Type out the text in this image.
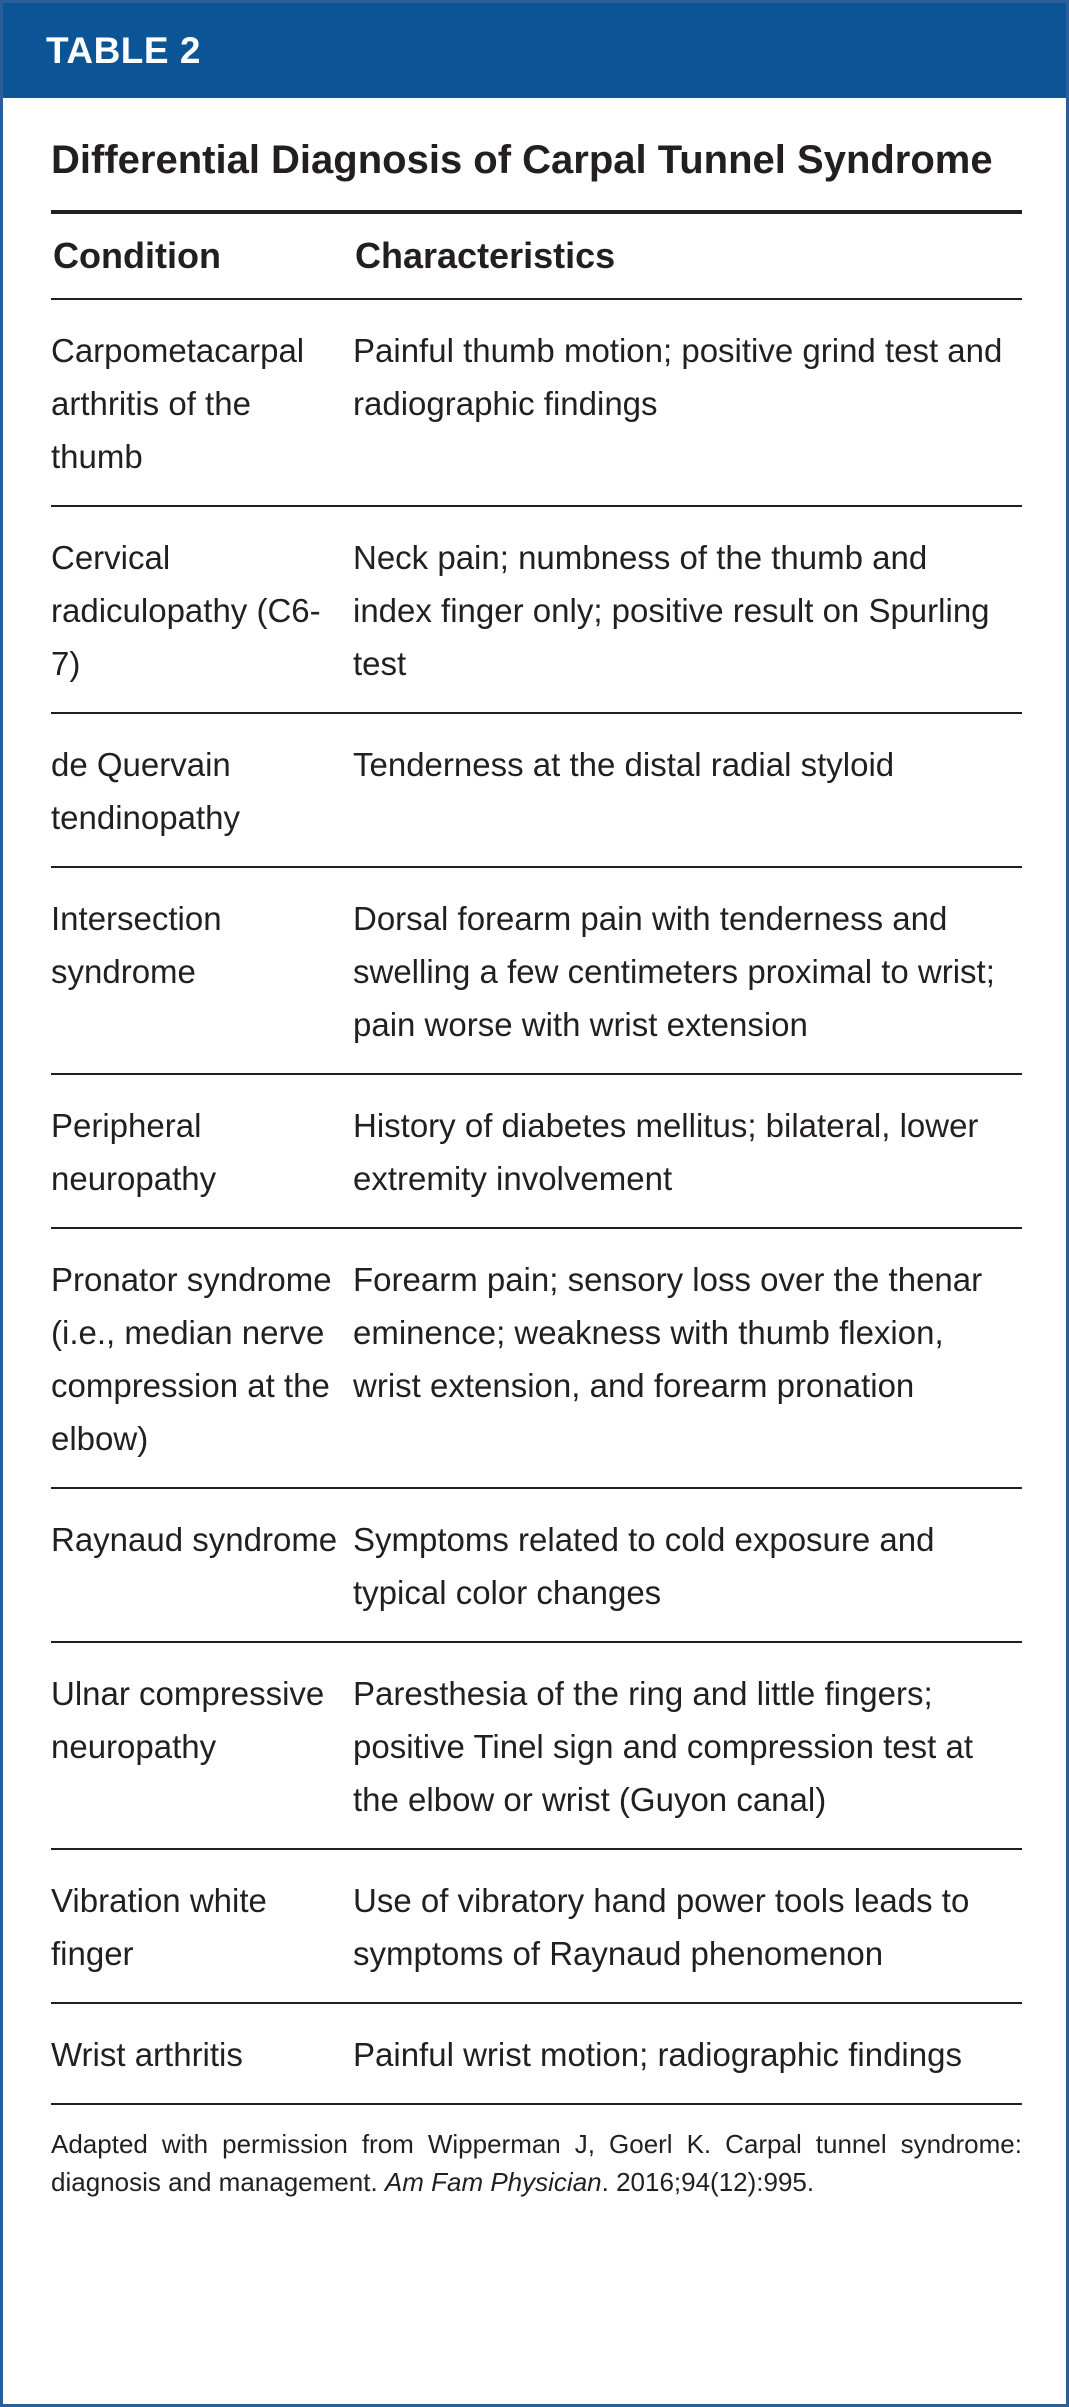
TABLE 2
Differential Diagnosis of Carpal Tunnel Syndrome
Condition	Characteristics
Carpometacarpal arthritis of the thumb	Painful thumb motion; positive grind test and radiographic findings
Cervical radiculopathy (C6-7)	Neck pain; numbness of the thumb and index finger only; positive result on Spurling test
de Quervain tendinopathy	Tenderness at the distal radial styloid
Intersection syndrome	Dorsal forearm pain with tenderness and swelling a few centimeters proximal to wrist; pain worse with wrist extension
Peripheral neuropathy	History of diabetes mellitus; bilateral, lower extremity involvement
Pronator syndrome (i.e., median nerve compression at the elbow)	Forearm pain; sensory loss over the thenar eminence; weakness with thumb flexion, wrist extension, and forearm pronation
Raynaud syndrome	Symptoms related to cold exposure and typical color changes
Ulnar compressive neuropathy	Paresthesia of the ring and little fingers; positive Tinel sign and compression test at the elbow or wrist (Guyon canal)
Vibration white finger	Use of vibratory hand power tools leads to symptoms of Raynaud phenomenon
Wrist arthritis	Painful wrist motion; radiographic findings
Adapted with permission from Wipperman J, Goerl K. Carpal tunnel syndrome: diagnosis and management. Am Fam Physician. 2016;94(12):995.
